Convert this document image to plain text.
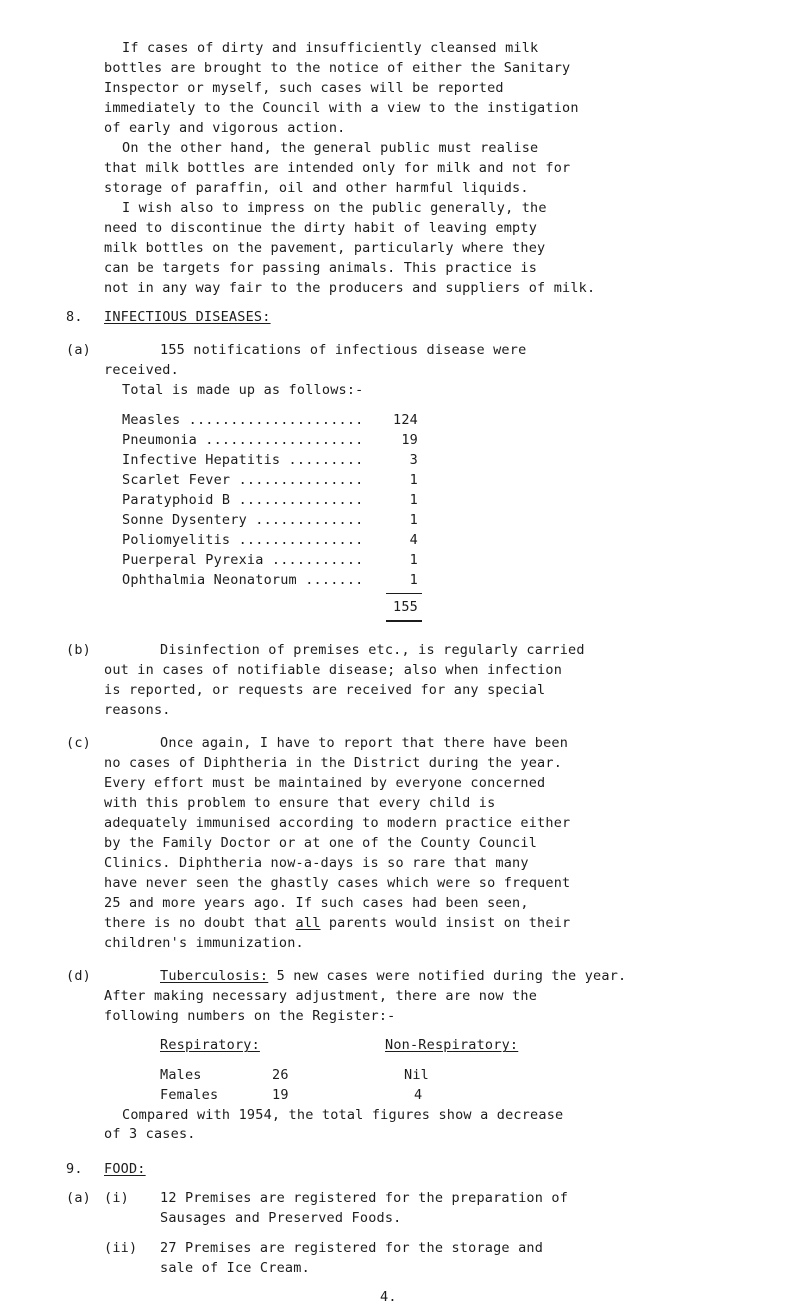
If cases of dirty and insufficiently cleansed milk
bottles are brought to the notice of either the Sanitary
Inspector or myself, such cases will be reported
immediately to the Council with a view to the instigation
of early and vigorous action.
On the other hand, the general public must realise
that milk bottles are intended only for milk and not for
storage of paraffin, oil and other harmful liquids.
I wish also to impress on the public generally, the
need to discontinue the dirty habit of leaving empty
milk bottles on the pavement, particularly where they
can be targets for passing animals. This practice is
not in any way fair to the producers and suppliers of milk.
8. INFECTIOUS DISEASES:
(a)	155 notifications of infectious disease were
received.
Total is made up as follows:-
Measles .....................	124
Pneumonia ...................	19
Infective Hepatitis .........	3
Scarlet Fever ...............	1
Paratyphoid B ...............	1
Sonne Dysentery .............	1
Poliomyelitis ...............	4
Puerperal Pyrexia ...........	1
Ophthalmia Neonatorum .......	1
155
(b)	Disinfection of premises etc., is regularly carried
out in cases of notifiable disease; also when infection
is reported, or requests are received for any special
reasons.
(c)	Once again, I have to report that there have been
no cases of Diphtheria in the District during the year.
Every effort must be maintained by everyone concerned
with this problem to ensure that every child is
adequately immunised according to modern practice either
by the Family Doctor or at one of the County Council
Clinics. Diphtheria now-a-days is so rare that many
have never seen the ghastly cases which were so frequent
25 and more years ago. If such cases had been seen,
there is no doubt that all parents would insist on their
children's immunization.
(d)	Tuberculosis: 5 new cases were notified during the year.
After making necessary adjustment, there are now the
following numbers on the Register:-
Respiratory:	Non-Respiratory:
Males	26	Nil
Females	19	4
Compared with 1954, the total figures show a decrease
of 3 cases.
9. FOOD:
(a) (i) 12 Premises are registered for the preparation of
Sausages and Preserved Foods.
(ii) 27 Premises are registered for the storage and
sale of Ice Cream.
4.
